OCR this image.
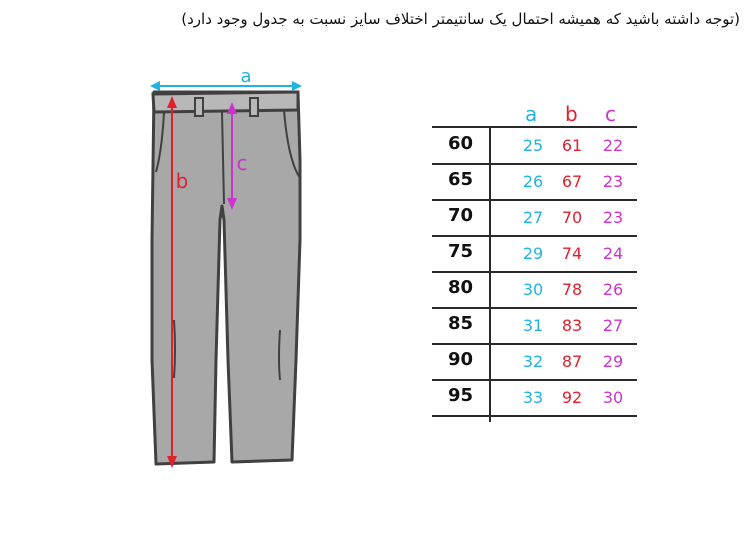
(توجه داشته باشید که همیشه احتمال یک سانتیمتر اختلاف سایز نسبت به جدول وجود دارد)
a
b
c
a b c
60	25	61	22
65	26	67	23
70	27	70	23
75	29	74	24
80	30	78	26
85	31	83	27
90	32	87	29
95	33	92	30
